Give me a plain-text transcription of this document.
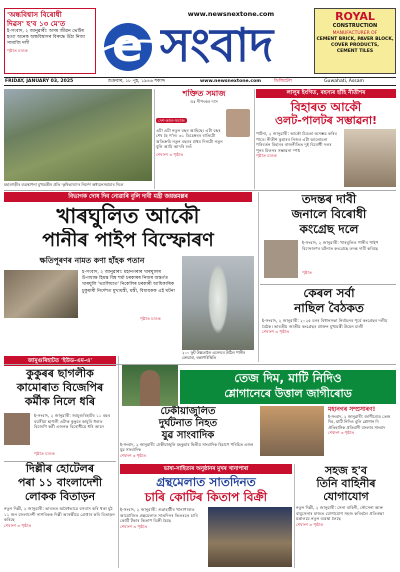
'অন্ধবিশ্বাস বিৰোধী
দিৱস' হ'ব ১৩ মে'ত
ই-সংবাদ, ২ জানুৱাৰী: অসম জীৱন ভেটিৰ হত্যা অনেক অন্ধবিশ্বাসৰ বিৰুদ্ধে উঠা নিজা সামাজি দলী
পৃষ্ঠাত চাওক	e
www.newsnextone.com
সংবাদ
ROYAL
CONSTRUCTION
MANUFACTURER OF
CEMENT BRICK, PAVER BLOCK,
COVER PRODUCTS,
CEMENT TILES
FRIDAY, JANUARY 03, 2025	শুক্ৰবাৰ, ১৮ পুহ, ১৯৪৬ শকাব্দ	www.newsnextone.com	ডিজিটেল	Guwahati, Assam
মহাবগড়ীৰ ব্যৱস্থাপনা মুখ্যমন্ত্ৰীৰ প্ৰতি 'কৃষিভাষ্যা'ৰ নিৰ্দেশ অধ্যয়নসমাচাৰ দিলে
শক্তিত সমাজ
ডঃ দীপংকৰ দাস
দেশ-কাল-সমাজ
এটা এটা নতুন বছৰ আহিছে। এটা বছৰ শেষ হৈ গ'ল। ৩১ ডিচেম্বৰৰ ৰাতিটো অতিক্ৰমি নতুন বছৰৰ প্ৰথম দিনটো নতুন বুলি আমি আদৰি লওঁ
শেষাংশ ৩ পৃষ্ঠাত
লালুৰ ইংগিত, ৰহস্যৰ হাঁহি নীতীশৰ
বিহাৰত আকৌ
ওলট-পালটৰ সম্ভাৱনা!
পাটনা, ২ জানুৱাৰী: আকৌ মিত্ৰতা অসম্ভৱ কৰিব পাৰে। নীতীশ কুমাৰৰ নিজৰ এটা আলোচনা পৰিবৰ্তন বিহাৰৰ ৰাজনীতিত দুই বিৰোধী দলৰ পুনৰ মিলনৰ সম্ভাৱনা স্পষ্ট
পৃষ্ঠাত চাওক
বিভাগক দোষ দিব নোৱাৰি বুলি দাবী মন্ত্ৰী জয়ন্তমল্লৰ
খাৰঘুলিত আকৌ
পানীৰ পাইপ বিস্ফোৰণ
ক্ষতিপূৰণৰ নামত কণা হাঁহক পতান
ই-সংবাদ, ২ জানুৱাৰী: মহানগৰীৰ খাৰঘুলিৰ উপাধ্যক্ষ হিমন্ত বিশ্ব শৰ্মা চৰকাৰৰ নিজৰ অন্তৰ্গত খাৰঘুলি 'ভ্যালিয়াত' নিকেলিৰ চৰকাৰী আধিকাৰিক চুকুমাৰী নিৰ্দেশত মুখ্যমন্ত্ৰী, মন্ত্ৰী, বিধায়কক এই ঘটনা
পৃষ্ঠাত চাওক
২০০ ফুট উচ্চতালৈ এনেদৰে উঠিল পানীৰ ফোৱাৰা, বন্ধাপৰিস্থিতি
তদন্তৰ দাবী
জনালে বিৰোধী
কংগ্ৰেছ দলে
ই-সংবাদ, ২ জানুৱাৰী: খাৰঘুলিত পানীৰ পাইপ বিস্ফোৰণৰ ঘটনাত কংগ্ৰেছে তদন্ত দাবী কৰিছে
পৃষ্ঠাত
কেৰল সৰ্বা
নাছিল বৈঠকত
ই-সংবাদ, ২ জানুৱাৰী: ২০২৫ চনৰ বিধানসভা নিৰ্বাচনৰ পূৰ্বে কংগ্ৰেছৰ দলীয় বৈঠক। ভাৰতীয় জাতীয় কংগ্ৰেছৰ প্ৰাক্তন মুখ্যমন্ত্ৰী উমেন চাণ্ডী
শেষাংশ ৩ পৃষ্ঠাত
জামুগুৰিহাটত 'ইউড-এম-এ'
কুকুৰৰ ছাগলীক
কামোৰাত বিজেপিৰ
কৰ্মীক নিলে ধৰি
ই-সংবাদ, ২ জানুৱাৰী: জামুগুৰিহাটৰ ১১ বছৰ বয়সীয়া ছাগলী এটাক কুকুৰে কামুৰি ধৰাত বিজেপি কৰ্মী এজনক বিৰোধীয়ে ধৰি আনে
পৃষ্ঠাত চাওক
ঢেকীয়াজুলিত
দুৰ্ঘটনাত নিহত
যুৱ সাংবাদিক
ই-সংবাদ, ২ জানুৱাৰী: ঢেকীয়াজুলি মহকুমাৰ দ্বিতীয় সাংবাদিক হিচাপে পৰিচিত এজন যুৱ সাংবাদিক
শেষাংশ ৩ পৃষ্ঠাত
তেজ দিম, মাটি নিদিও
শ্লোগানেৰে উত্তাল জাগীৰোড
মহানগৰ সম্প্ৰসাৰণ!
ই-সংবাদ, ২ জানুৱাৰী: জাগীৰোড তেজ দিম, মাটি নিদিও বুলি শ্লোগান দি ঐতিহাসিক প্ৰতিবাদী বাংলাৰ সাংবাদ
শেষাংশ ৩ পৃষ্ঠাত
দিল্লীৰ হোটেলৰ
পৰা ১১ বাংলাদেশী
লোকক বিতাড়ন
নতুন দিল্লী, ২ জানুৱাৰী: ভাৰতত অবৈধভাৱে বসবাস কৰি থকা মুঠ ১১ জন বাংলাদেশী নাগৰিকক দিল্লী আৰক্ষীয়ে গ্ৰেপ্তাৰ কৰি বিতাড়ন কৰিছে
শেষাংশ ৩ পৃষ্ঠাত
ভাষা-সাহিত্যৰ অনুষ্ঠানৰ মুখৰ খানাপাৰা
গ্ৰন্থমেলাত সাতদিনত
চাৰি কোটিৰ কিতাপ বিক্ৰী
ই-সংবাদ, ২ জানুৱাৰী: গুৱাহাটীৰ খানাপাৰাত আয়োজিত গ্ৰন্থমেলাত সাতদিনৰ ভিতৰতে চাৰি কোটি টকাৰ কিতাপ বিক্ৰী হৈছে
শেষাংশ ৩ পৃষ্ঠাত
সহজ হ'ব
তিনি বাহিনীৰ
যোগাযোগ
নতুন দিল্লী, ২ জানুৱাৰী: সেনা বাহিনী, নৌসেনা আৰু বায়ুসেনাৰ মাজত যোগাযোগ সহজ কৰিবলৈ প্ৰতিৰক্ষা মন্ত্ৰালয়ে নতুন ব্যৱস্থা লৈছে
শেষাংশ ৩ পৃষ্ঠাত
